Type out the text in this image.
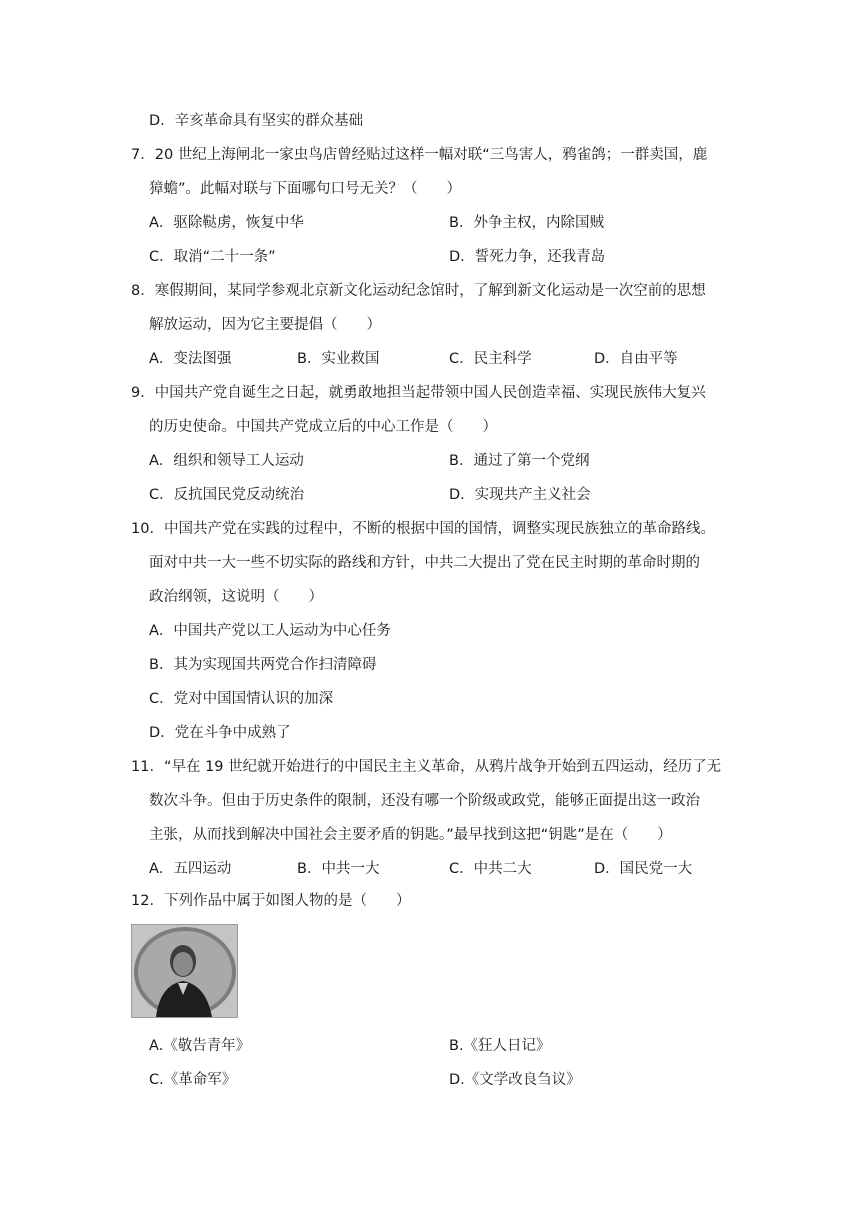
D．辛亥革命具有坚实的群众基础
7．20 世纪上海闸北一家虫鸟店曾经贴过这样一幅对联“三鸟害人，鸦雀鸽；一群卖国，鹿
獐蟾”。此幅对联与下面哪句口号无关？（　　）
A．驱除鞑虏，恢复中华	B．外争主权，内除国贼
C．取消“二十一条”	D．誓死力争，还我青岛
8．寒假期间，某同学参观北京新文化运动纪念馆时，了解到新文化运动是一次空前的思想
解放运动，因为它主要提倡（　　）
A．变法图强	B．实业救国	C．民主科学	D．自由平等
9．中国共产党自诞生之日起，就勇敢地担当起带领中国人民创造幸福、实现民族伟大复兴
的历史使命。中国共产党成立后的中心工作是（　　）
A．组织和领导工人运动	B．通过了第一个党纲
C．反抗国民党反动统治	D．实现共产主义社会
10．中国共产党在实践的过程中，不断的根据中国的国情，调整实现民族独立的革命路线。
面对中共一大一些不切实际的路线和方针，中共二大提出了党在民主时期的革命时期的
政治纲领，这说明（　　）
A．中国共产党以工人运动为中心任务
B．其为实现国共两党合作扫清障碍
C．党对中国国情认识的加深
D．党在斗争中成熟了
11．“早在 19 世纪就开始进行的中国民主主义革命，从鸦片战争开始到五四运动，经历了无
数次斗争。但由于历史条件的限制，还没有哪一个阶级或政党，能够正面提出这一政治
主张，从而找到解决中国社会主要矛盾的钥匙。”最早找到这把“钥匙”是在（　　）
A．五四运动	B．中共一大	C．中共二大	D．国民党一大
12．下列作品中属于如图人物的是（　　）
A.《敬告青年》	B.《狂人日记》
C.《革命军》	D.《文学改良刍议》
